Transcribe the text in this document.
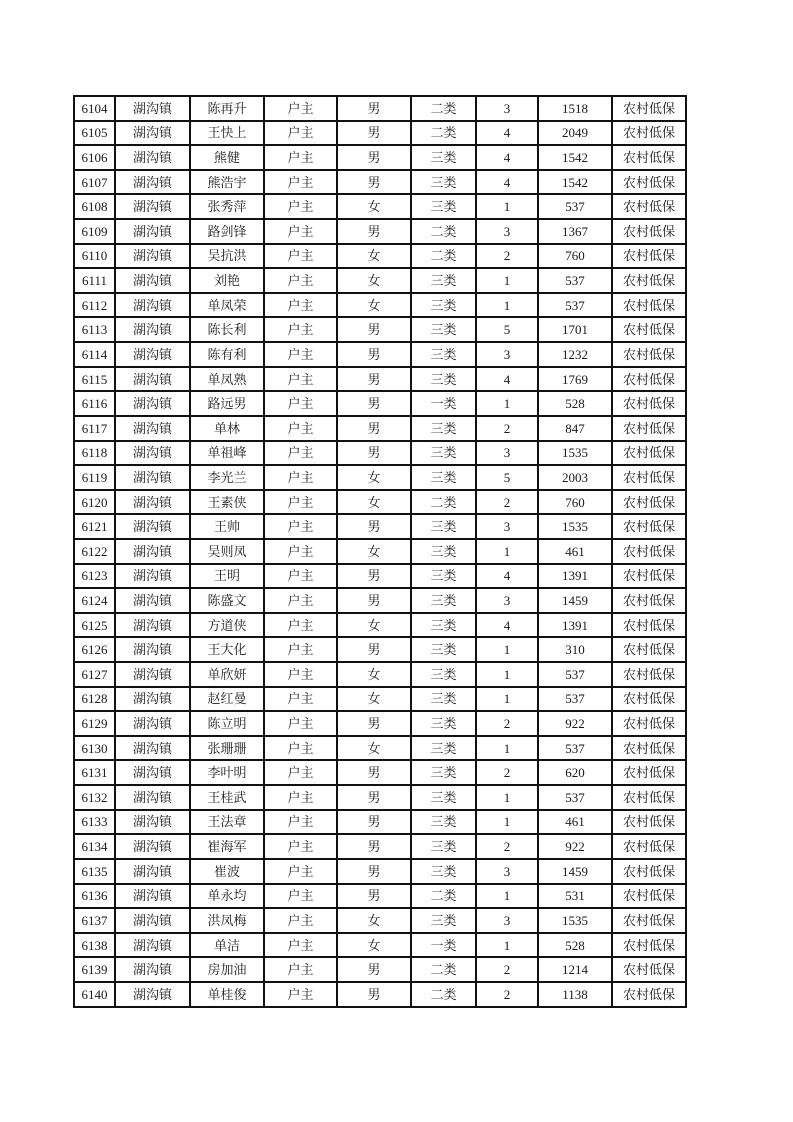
6104	湖沟镇	陈再升	户主	男	二类	3	1518	农村低保
6105	湖沟镇	王快上	户主	男	二类	4	2049	农村低保
6106	湖沟镇	熊健	户主	男	三类	4	1542	农村低保
6107	湖沟镇	熊浩宇	户主	男	三类	4	1542	农村低保
6108	湖沟镇	张秀萍	户主	女	三类	1	537	农村低保
6109	湖沟镇	路剑锋	户主	男	二类	3	1367	农村低保
6110	湖沟镇	吴抗洪	户主	女	二类	2	760	农村低保
6111	湖沟镇	刘艳	户主	女	三类	1	537	农村低保
6112	湖沟镇	单凤荣	户主	女	三类	1	537	农村低保
6113	湖沟镇	陈长利	户主	男	三类	5	1701	农村低保
6114	湖沟镇	陈有利	户主	男	三类	3	1232	农村低保
6115	湖沟镇	单凤熟	户主	男	三类	4	1769	农村低保
6116	湖沟镇	路远男	户主	男	一类	1	528	农村低保
6117	湖沟镇	单林	户主	男	三类	2	847	农村低保
6118	湖沟镇	单祖峰	户主	男	三类	3	1535	农村低保
6119	湖沟镇	李光兰	户主	女	三类	5	2003	农村低保
6120	湖沟镇	王素侠	户主	女	二类	2	760	农村低保
6121	湖沟镇	王帅	户主	男	三类	3	1535	农村低保
6122	湖沟镇	吴则凤	户主	女	三类	1	461	农村低保
6123	湖沟镇	王明	户主	男	三类	4	1391	农村低保
6124	湖沟镇	陈盛文	户主	男	三类	3	1459	农村低保
6125	湖沟镇	方道侠	户主	女	三类	4	1391	农村低保
6126	湖沟镇	王大化	户主	男	三类	1	310	农村低保
6127	湖沟镇	单欣妍	户主	女	三类	1	537	农村低保
6128	湖沟镇	赵红曼	户主	女	三类	1	537	农村低保
6129	湖沟镇	陈立明	户主	男	三类	2	922	农村低保
6130	湖沟镇	张珊珊	户主	女	三类	1	537	农村低保
6131	湖沟镇	李叶明	户主	男	三类	2	620	农村低保
6132	湖沟镇	王桂武	户主	男	三类	1	537	农村低保
6133	湖沟镇	王法章	户主	男	三类	1	461	农村低保
6134	湖沟镇	崔海军	户主	男	三类	2	922	农村低保
6135	湖沟镇	崔波	户主	男	三类	3	1459	农村低保
6136	湖沟镇	单永均	户主	男	二类	1	531	农村低保
6137	湖沟镇	洪凤梅	户主	女	三类	3	1535	农村低保
6138	湖沟镇	单洁	户主	女	一类	1	528	农村低保
6139	湖沟镇	房加油	户主	男	二类	2	1214	农村低保
6140	湖沟镇	单桂俊	户主	男	二类	2	1138	农村低保
